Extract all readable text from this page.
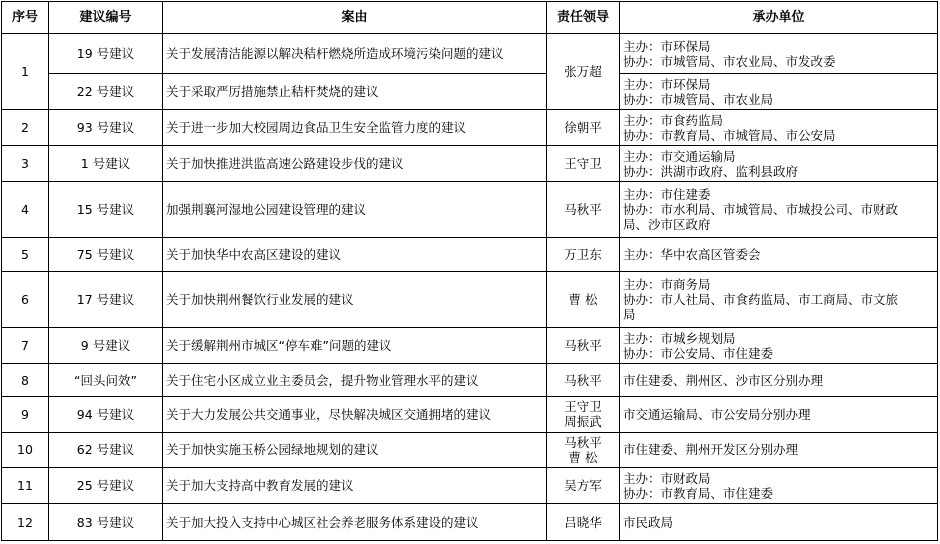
序号	建议编号	案由	责任领导	承办单位
1	19 号建议	关于发展清洁能源以解决秸杆燃烧所造成环境污染问题的建议	张万超	主办：市环保局
协办：市城管局、市农业局、市发改委

	22 号建议	关于采取严厉措施禁止秸杆焚烧的建议		主办：市环保局
协办：市城管局、市农业局

2	93 号建议	关于进一步加大校园周边食品卫生安全监管力度的建议	徐朝平	主办：市食药监局
协办：市教育局、市城管局、市公安局

3	1 号建议	关于加快推进洪监高速公路建设步伐的建议	王守卫	主办：市交通运输局
协办：洪湖市政府、监利县政府

4	15 号建议	加强荆襄河湿地公园建设管理的建议	马秋平	主办：市住建委
协办：市水利局、市城管局、市城投公司、市财政
局、沙市区政府

5	75 号建议	关于加快华中农高区建设的建议	万卫东	主办：华中农高区管委会

6	17 号建议	关于加快荆州餐饮行业发展的建议	曹 松	主办：市商务局
协办：市人社局、市食药监局、市工商局、市文旅
局

7	9 号建议	关于缓解荆州市城区“停车难”问题的建议	马秋平	主办：市城乡规划局
协办：市公安局、市住建委

8	“回头问效”	关于住宅小区成立业主委员会，提升物业管理水平的建议	马秋平	市住建委、荆州区、沙市区分别办理

9	94 号建议	关于大力发展公共交通事业，尽快解决城区交通拥堵的建议	王守卫
周振武	市交通运输局、市公安局分别办理

10	62 号建议	关于加快实施玉桥公园绿地规划的建议	马秋平
曹 松	市住建委、荆州开发区分别办理

11	25 号建议	关于加大支持高中教育发展的建议	吴方军	主办：市财政局
协办：市教育局、市住建委

12	83 号建议	关于加大投入支持中心城区社会养老服务体系建设的建议	吕晓华	市民政局
